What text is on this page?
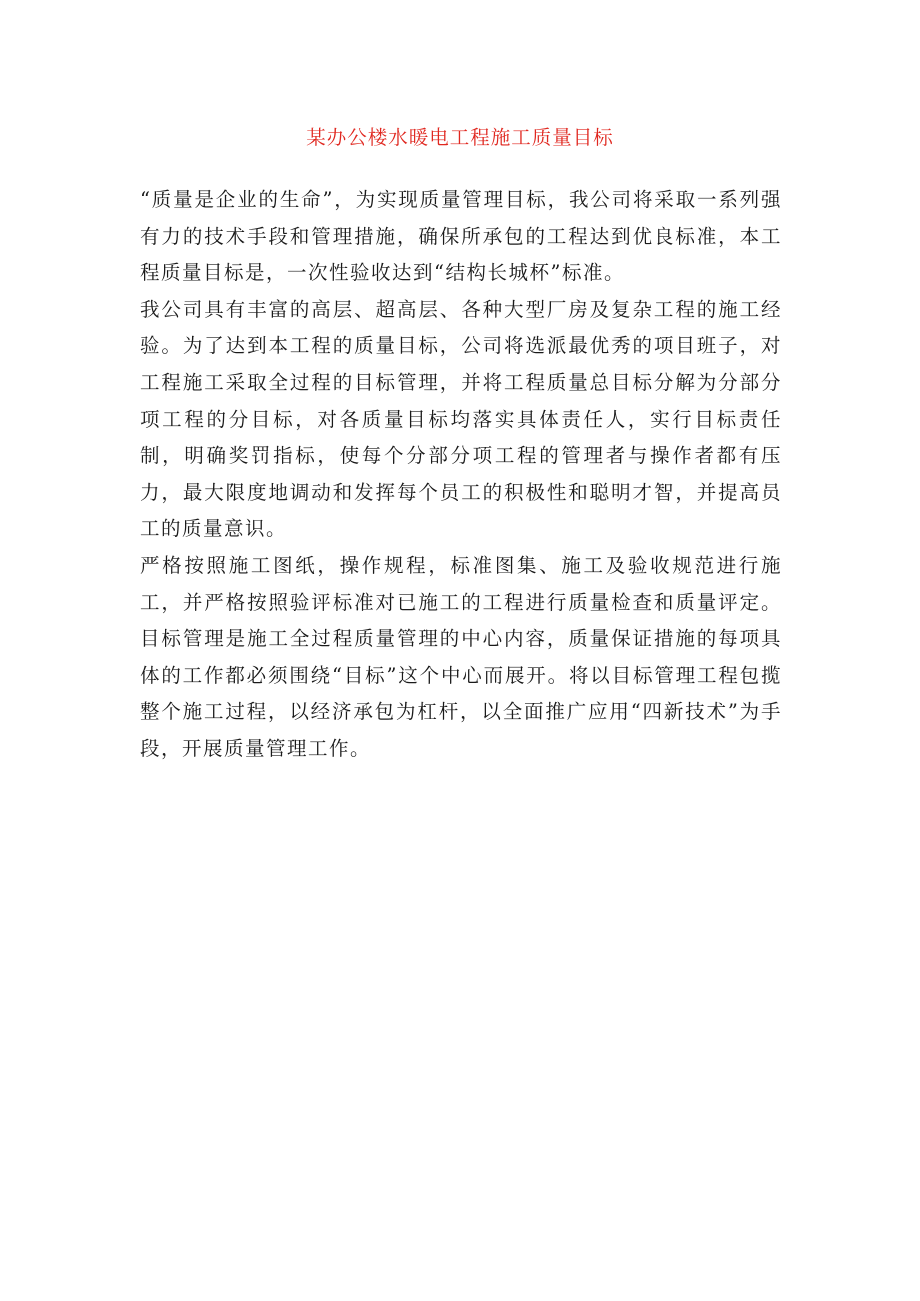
某办公楼水暖电工程施工质量目标

“质量是企业的生命”，为实现质量管理目标，我公司将采取一系列强有力的技术手段和管理措施，确保所承包的工程达到优良标准，本工程质量目标是，一次性验收达到“结构长城杯”标准。

我公司具有丰富的高层、超高层、各种大型厂房及复杂工程的施工经验。为了达到本工程的质量目标，公司将选派最优秀的项目班子，对工程施工采取全过程的目标管理，并将工程质量总目标分解为分部分项工程的分目标，对各质量目标均落实具体责任人，实行目标责任制，明确奖罚指标，使每个分部分项工程的管理者与操作者都有压力，最大限度地调动和发挥每个员工的积极性和聪明才智，并提高员工的质量意识。

严格按照施工图纸，操作规程，标准图集、施工及验收规范进行施工，并严格按照验评标准对已施工的工程进行质量检查和质量评定。目标管理是施工全过程质量管理的中心内容，质量保证措施的每项具体的工作都必须围绕“目标”这个中心而展开。将以目标管理工程包揽整个施工过程，以经济承包为杠杆，以全面推广应用“四新技术”为手段，开展质量管理工作。
